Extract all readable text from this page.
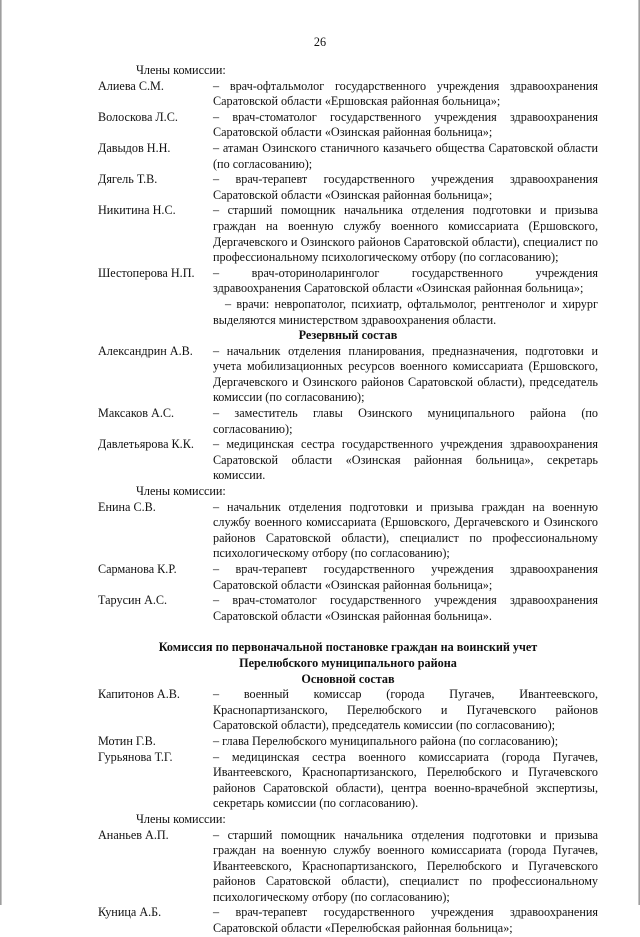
26
Члены комиссии:
Алиева С.М.	– врач-офтальмолог государственного учреждения здравоохранения Саратовской области «Ершовская районная больница»;
Волоскова Л.С.	– врач-стоматолог государственного учреждения здравоохранения Саратовской области «Озинская районная больница»;
Давыдов Н.Н.	– атаман Озинского станичного казачьего общества Саратовской области (по согласованию);
Дягель Т.В.	– врач-терапевт государственного учреждения здравоохранения Саратовской области «Озинская районная больница»;
Никитина Н.С.	– старший помощник начальника отделения подготовки и призыва граждан на военную службу военного комиссариата (Ершовского, Дергачевского и Озинского районов Саратовской области), специалист по профессиональному психологическому отбору (по согласованию);
Шестоперова Н.П.	– врач-оториноларинголог государственного учреждения здравоохранения Саратовской области «Озинская районная больница»;
– врачи: невропатолог, психиатр, офтальмолог, рентгенолог и хирург выделяются министерством здравоохранения области.
Резервный состав
Александрин А.В.	– начальник отделения планирования, предназначения, подготовки и учета мобилизационных ресурсов военного комиссариата (Ершовского, Дергачевского и Озинского районов Саратовской области), председатель комиссии (по согласованию);
Максаков А.С.	– заместитель главы Озинского муниципального района (по согласованию);
Давлетьярова К.К.	– медицинская сестра государственного учреждения здравоохранения Саратовской области «Озинская районная больница», секретарь комиссии.
Члены комиссии:
Енина С.В.	– начальник отделения подготовки и призыва граждан на военную службу военного комиссариата (Ершовского, Дергачевского и Озинского районов Саратовской области), специалист по профессиональному психологическому отбору (по согласованию);
Сарманова К.Р.	– врач-терапевт государственного учреждения здравоохранения Саратовской области «Озинская районная больница»;
Тарусин А.С.	– врач-стоматолог государственного учреждения здравоохранения Саратовской области «Озинская районная больница».
Комиссия по первоначальной постановке граждан на воинский учет
Перелюбского муниципального района
Основной состав
Капитонов А.В.	– военный комиссар (города Пугачев, Ивантеевского, Краснопартизанского, Перелюбского и Пугачевского районов Саратовской области), председатель комиссии (по согласованию);
Мотин Г.В.	– глава Перелюбского муниципального района (по согласованию);
Гурьянова Т.Г.	– медицинская сестра военного комиссариата (города Пугачев, Ивантеевского, Краснопартизанского, Перелюбского и Пугачевского районов Саратовской области), центра военно-врачебной экспертизы, секретарь комиссии (по согласованию).
Члены комиссии:
Ананьев А.П.	– старший помощник начальника отделения подготовки и призыва граждан на военную службу военного комиссариата (города Пугачев, Ивантеевского, Краснопартизанского, Перелюбского и Пугачевского районов Саратовской области), специалист по профессиональному психологическому отбору (по согласованию);
Куница А.Б.	– врач-терапевт государственного учреждения здравоохранения Саратовской области «Перелюбская районная больница»;
